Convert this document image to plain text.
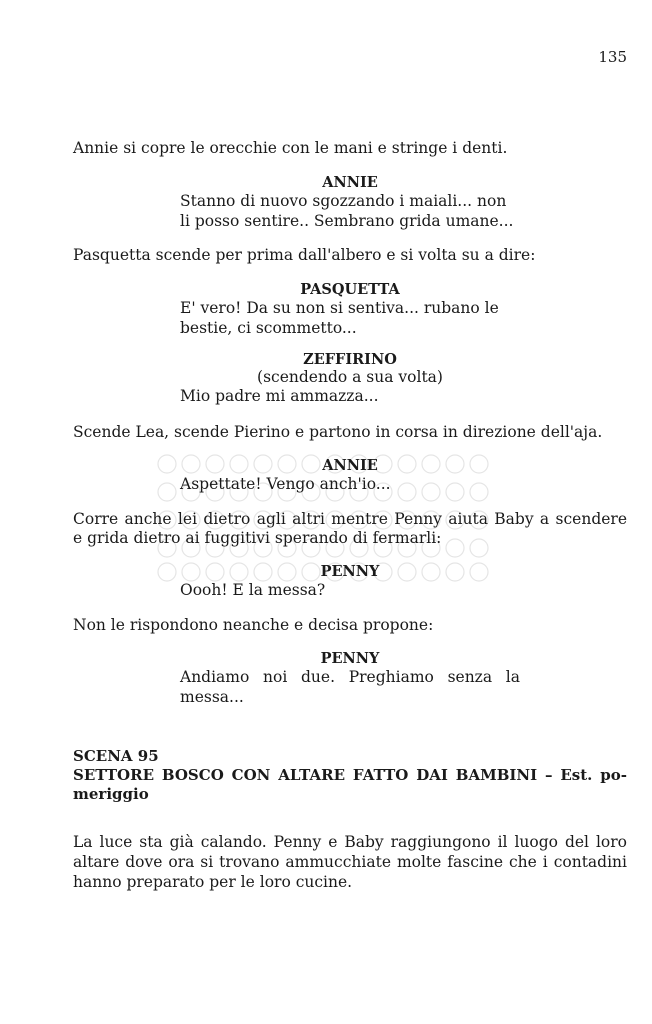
135
Annie si copre le orecchie con le mani e stringe i denti.
ANNIE
Stanno di nuovo sgozzando i maiali... non
li posso sentire.. Sembrano grida umane...
Pasquetta scende per prima dall'albero e si volta su a dire:
PASQUETTA
E' vero! Da su non si sentiva... rubano le
bestie, ci scommetto...
ZEFFIRINO
(scendendo a sua volta)
Mio padre mi ammazza...
Scende Lea, scende Pierino e partono in corsa in direzione dell'aja.
ANNIE
Aspettate! Vengo anch'io...
Corre anche lei dietro agli altri mentre Penny aiuta Baby a scendere
e grida dietro ai fuggitivi sperando di fermarli:
PENNY
Oooh! E la messa?
Non le rispondono neanche e decisa propone:
PENNY
Andiamo noi due. Preghiamo senza la
messa...
SCENA 95
SETTORE BOSCO CON ALTARE FATTO DAI BAMBINI – Est. po-
meriggio
La luce sta già calando. Penny e Baby raggiungono il luogo del loro
altare dove ora si trovano ammucchiate molte fascine che i contadini
hanno preparato per le loro cucine.
